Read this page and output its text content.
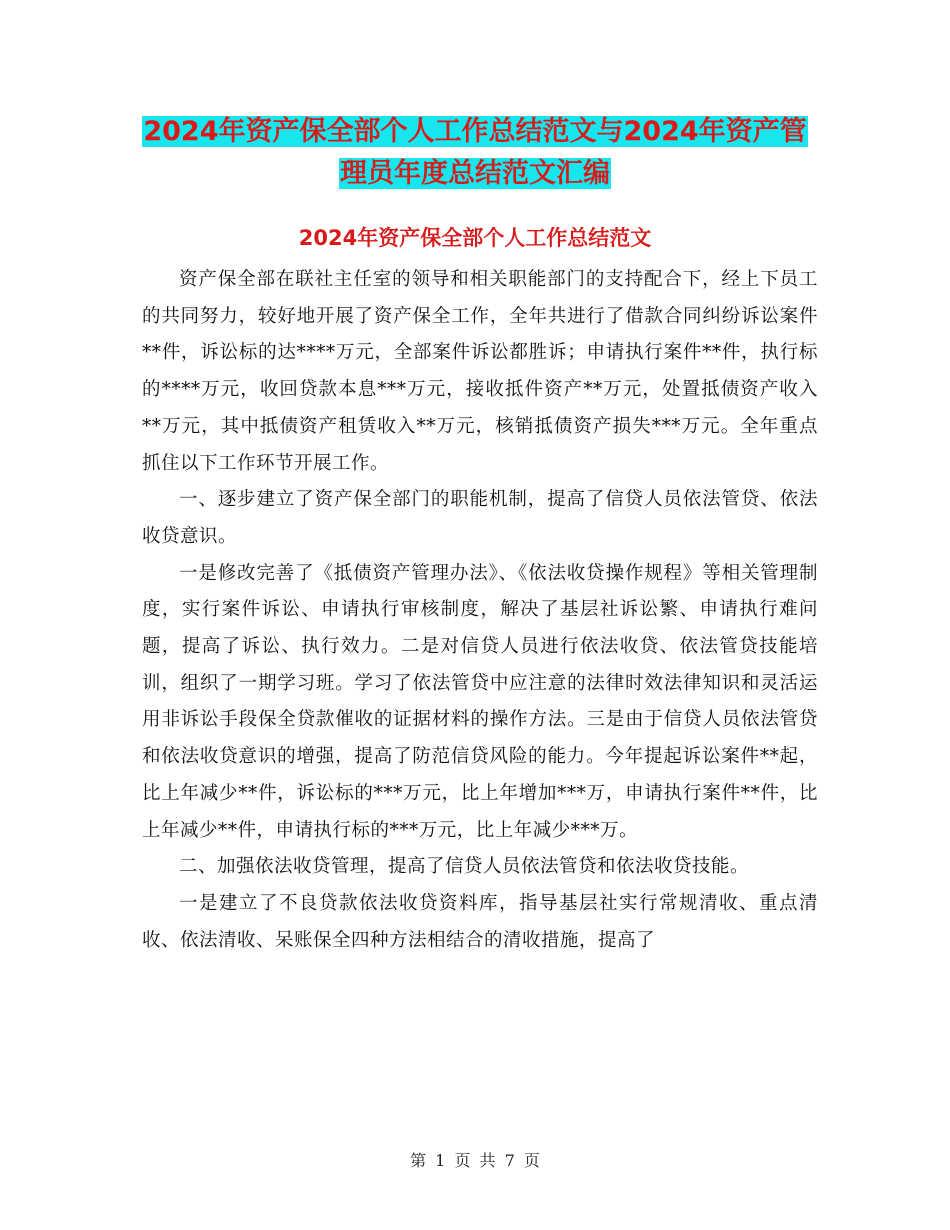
2024年资产保全部个人工作总结范文与2024年资产管
理员年度总结范文汇编
2024年资产保全部个人工作总结范文

资产保全部在联社主任室的领导和相关职能部门的支持配合下，经上下员工的共同努力，较好地开展了资产保全工作，全年共进行了借款合同纠纷诉讼案件**件，诉讼标的达****万元，全部案件诉讼都胜诉；申请执行案件**件，执行标的****万元，收回贷款本息***万元，接收抵件资产**万元，处置抵债资产收入**万元，其中抵债资产租赁收入**万元，核销抵债资产损失***万元。全年重点抓住以下工作环节开展工作。

一、逐步建立了资产保全部门的职能机制，提高了信贷人员依法管贷、依法收贷意识。

一是修改完善了《抵债资产管理办法》、《依法收贷操作规程》等相关管理制度，实行案件诉讼、申请执行审核制度，解决了基层社诉讼繁、申请执行难问题，提高了诉讼、执行效力。二是对信贷人员进行依法收贷、依法管贷技能培训，组织了一期学习班。学习了依法管贷中应注意的法律时效法律知识和灵活运用非诉讼手段保全贷款催收的证据材料的操作方法。三是由于信贷人员依法管贷和依法收贷意识的增强，提高了防范信贷风险的能力。今年提起诉讼案件**起，比上年减少**件，诉讼标的***万元，比上年增加***万，申请执行案件**件，比上年减少**件，申请执行标的***万元，比上年减少***万。

二、加强依法收贷管理，提高了信贷人员依法管贷和依法收贷技能。

一是建立了不良贷款依法收贷资料库，指导基层社实行常规清收、重点清收、依法清收、呆账保全四种方法相结合的清收措施，提高了

第 1 页 共 7 页
